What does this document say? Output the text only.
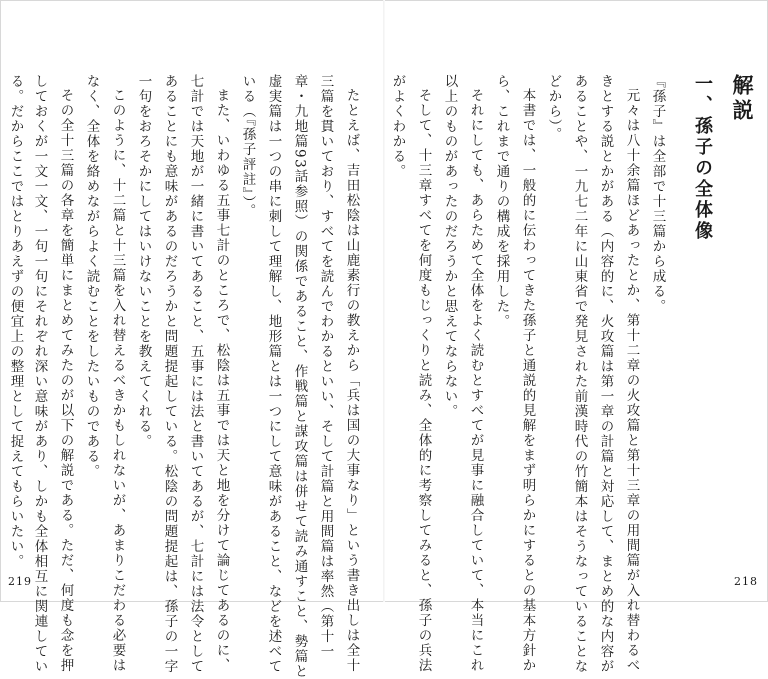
解説
一、孫子の全体像
『孫子』は全部で十三篇から成る。
元々は八十余篇ほどあったとか、第十二章の火攻篇と第十三章の用間篇が入れ替わるべ
きとする説とかがある（内容的に、火攻篇は第一章の計篇と対応して、まとめ的な内容が
あることや、一九七二年に山東省で発見された前漢時代の竹簡本はそうなっていることな
どから）。
本書では、一般的に伝わってきた孫子と通説的見解をまず明らかにするとの基本方針か
ら、これまで通りの構成を採用した。
それにしても、あらためて全体をよく読むとすべてが見事に融合していて、本当にこれ
以上のものがあったのだろうかと思えてならない。
そして、十三章すべてを何度もじっくりと読み、全体的に考察してみると、孫子の兵法
がよくわかる。
たとえば、吉田松陰は山鹿素行の教えから「兵は国の大事なり」という書き出しは全十
三篇を貫いており、すべてを読んでわかるといい、そして計篇と用間篇は率然（第十一
章・九地篇93話参照）の関係であること、作戦篇と謀攻篇は併せて読み通すこと、勢篇と
虚実篇は一つの串に刺して理解し、地形篇とは一つにして意味があること、などを述べて
いる（『孫子評註』）。
また、いわゆる五事七計のところで、松陰は五事では天と地を分けて論じてあるのに、
七計では天地が一緒に書いてあること、五事には法と書いてあるが、七計には法令として
あることにも意味があるのだろうかと問題提起している。松陰の問題提起は、孫子の一字
一句をおろそかにしてはいけないことを教えてくれる。
このように、十二篇と十三篇を入れ替えるべきかもしれないが、あまりこだわる必要は
なく、全体を絡めながらよく読むことをしたいものである。
その全十三篇の各章を簡単にまとめてみたのが以下の解説である。ただ、何度も念を押
しておくが一文一文、一句一句にそれぞれ深い意味があり、しかも全体相互に関連してい
る。だからここではとりあえずの便宜上の整理として捉えてもらいたい。
219	218
